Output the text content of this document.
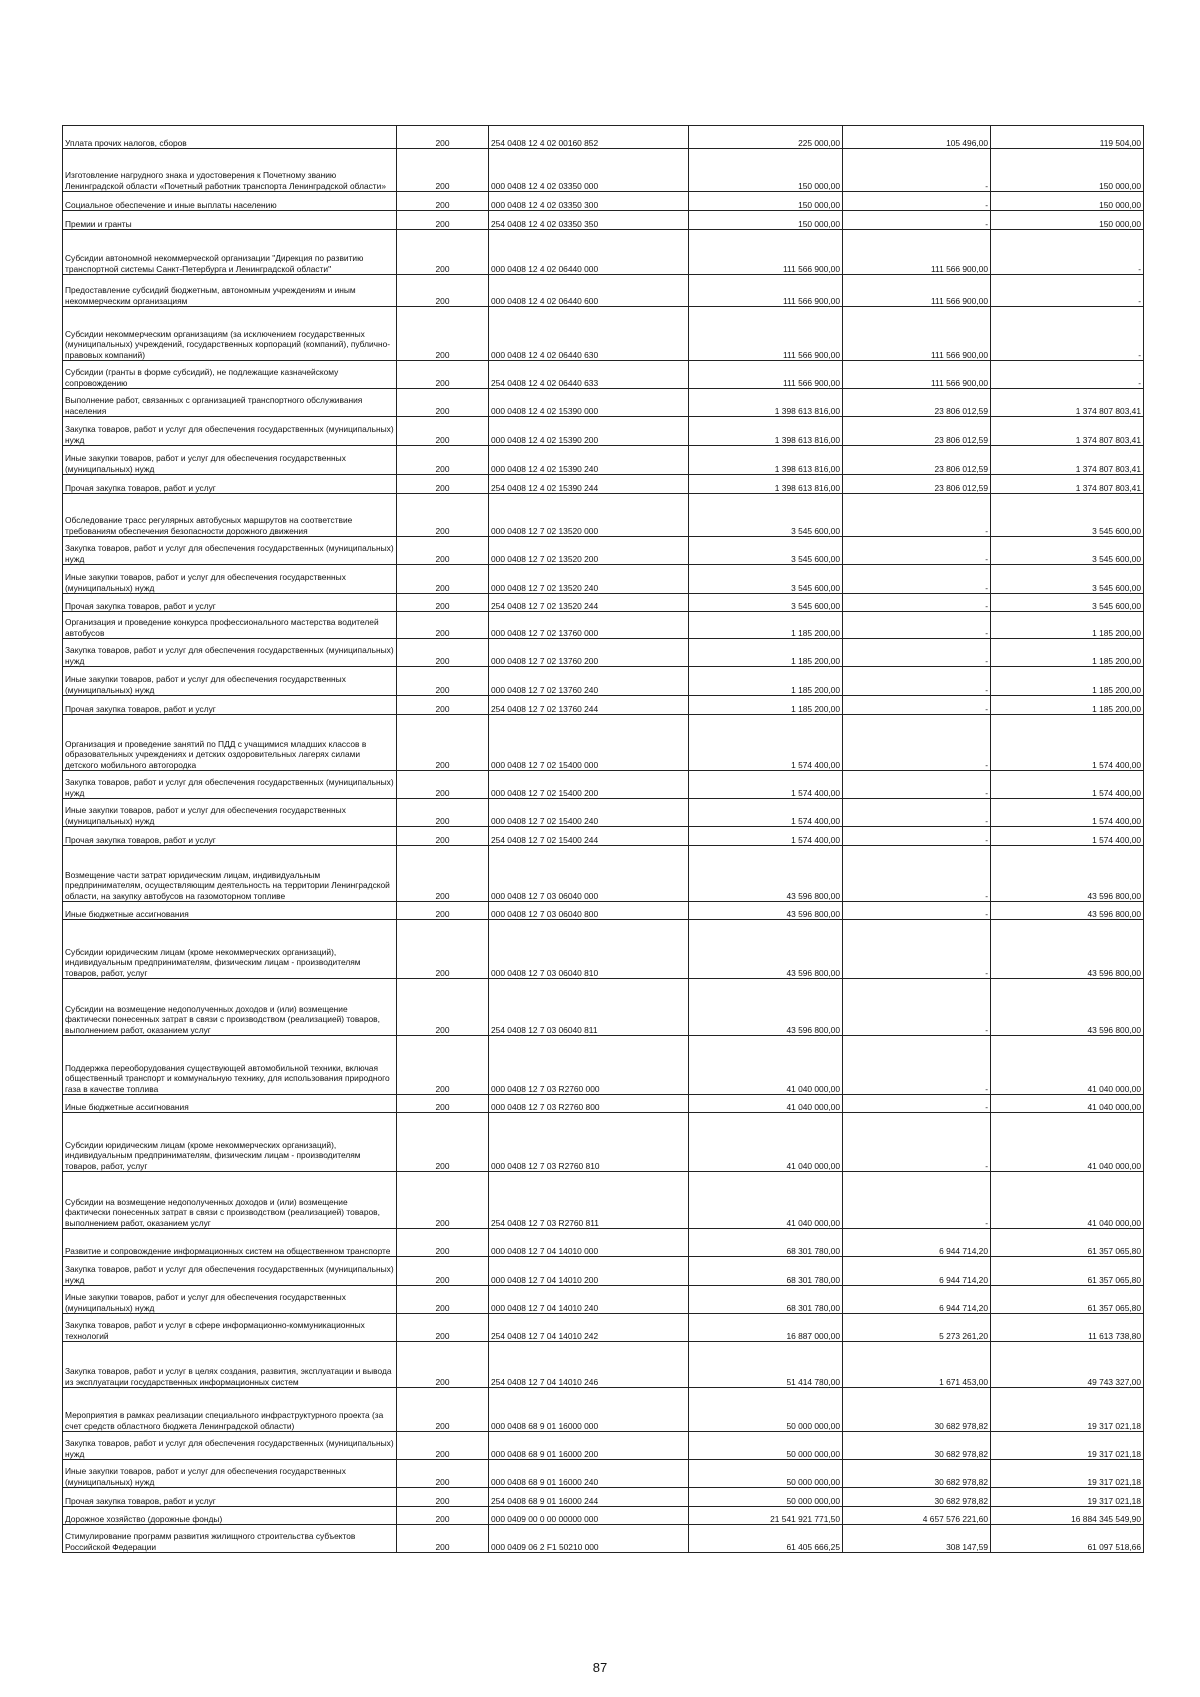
Уплата прочих налогов, сборов	200	254 0408 12 4 02 00160 852	225 000,00	105 496,00	119 504,00
Изготовление нагрудного знака и удостоверения к Почетному званию Ленинградской области «Почетный работник транспорта Ленинградской области»	200	000 0408 12 4 02 03350 000	150 000,00	-	150 000,00
Социальное обеспечение и иные выплаты населению	200	000 0408 12 4 02 03350 300	150 000,00	-	150 000,00
Премии и гранты	200	254 0408 12 4 02 03350 350	150 000,00	-	150 000,00
Субсидии автономной некоммерческой организации "Дирекция по развитию транспортной системы Санкт-Петербурга и Ленинградской области"	200	000 0408 12 4 02 06440 000	111 566 900,00	111 566 900,00	-
Предоставление субсидий бюджетным, автономным учреждениям и иным некоммерческим организациям	200	000 0408 12 4 02 06440 600	111 566 900,00	111 566 900,00	-
Субсидии некоммерческим организациям (за исключением государственных (муниципальных) учреждений, государственных корпораций (компаний), публично-правовых компаний)	200	000 0408 12 4 02 06440 630	111 566 900,00	111 566 900,00	-
Субсидии (гранты в форме субсидий), не подлежащие казначейскому сопровождению	200	254 0408 12 4 02 06440 633	111 566 900,00	111 566 900,00	-
Выполнение работ, связанных с организацией транспортного обслуживания населения	200	000 0408 12 4 02 15390 000	1 398 613 816,00	23 806 012,59	1 374 807 803,41
Закупка товаров, работ и услуг для обеспечения государственных (муниципальных) нужд	200	000 0408 12 4 02 15390 200	1 398 613 816,00	23 806 012,59	1 374 807 803,41
Иные закупки товаров, работ и услуг для обеспечения государственных (муниципальных) нужд	200	000 0408 12 4 02 15390 240	1 398 613 816,00	23 806 012,59	1 374 807 803,41
Прочая закупка товаров, работ и услуг	200	254 0408 12 4 02 15390 244	1 398 613 816,00	23 806 012,59	1 374 807 803,41
Обследование трасс регулярных автобусных маршрутов на соответствие требованиям обеспечения безопасности дорожного движения	200	000 0408 12 7 02 13520 000	3 545 600,00	-	3 545 600,00
Закупка товаров, работ и услуг для обеспечения государственных (муниципальных) нужд	200	000 0408 12 7 02 13520 200	3 545 600,00	-	3 545 600,00
Иные закупки товаров, работ и услуг для обеспечения государственных (муниципальных) нужд	200	000 0408 12 7 02 13520 240	3 545 600,00	-	3 545 600,00
Прочая закупка товаров, работ и услуг	200	254 0408 12 7 02 13520 244	3 545 600,00	-	3 545 600,00
Организация и проведение конкурса профессионального мастерства водителей автобусов	200	000 0408 12 7 02 13760 000	1 185 200,00	-	1 185 200,00
Закупка товаров, работ и услуг для обеспечения государственных (муниципальных) нужд	200	000 0408 12 7 02 13760 200	1 185 200,00	-	1 185 200,00
Иные закупки товаров, работ и услуг для обеспечения государственных (муниципальных) нужд	200	000 0408 12 7 02 13760 240	1 185 200,00	-	1 185 200,00
Прочая закупка товаров, работ и услуг	200	254 0408 12 7 02 13760 244	1 185 200,00	-	1 185 200,00
Организация и проведение занятий по ПДД с учащимися младших классов в образовательных учреждениях и детских оздоровительных лагерях силами детского мобильного автогородка	200	000 0408 12 7 02 15400 000	1 574 400,00	-	1 574 400,00
Закупка товаров, работ и услуг для обеспечения государственных (муниципальных) нужд	200	000 0408 12 7 02 15400 200	1 574 400,00	-	1 574 400,00
Иные закупки товаров, работ и услуг для обеспечения государственных (муниципальных) нужд	200	000 0408 12 7 02 15400 240	1 574 400,00	-	1 574 400,00
Прочая закупка товаров, работ и услуг	200	254 0408 12 7 02 15400 244	1 574 400,00	-	1 574 400,00
Возмещение части затрат юридическим лицам, индивидуальным предпринимателям, осуществляющим деятельность на территории Ленинградской области, на закупку автобусов на газомоторном топливе	200	000 0408 12 7 03 06040 000	43 596 800,00	-	43 596 800,00
Иные бюджетные ассигнования	200	000 0408 12 7 03 06040 800	43 596 800,00	-	43 596 800,00
Субсидии юридическим лицам (кроме некоммерческих организаций), индивидуальным предпринимателям, физическим лицам - производителям товаров, работ, услуг	200	000 0408 12 7 03 06040 810	43 596 800,00	-	43 596 800,00
Субсидии на возмещение недополученных доходов и (или) возмещение фактически понесенных затрат в связи с производством (реализацией) товаров, выполнением работ, оказанием услуг	200	254 0408 12 7 03 06040 811	43 596 800,00	-	43 596 800,00
Поддержка переоборудования существующей автомобильной техники, включая общественный транспорт и коммунальную технику, для использования природного газа в качестве топлива	200	000 0408 12 7 03 R2760 000	41 040 000,00	-	41 040 000,00
Иные бюджетные ассигнования	200	000 0408 12 7 03 R2760 800	41 040 000,00	-	41 040 000,00
Субсидии юридическим лицам (кроме некоммерческих организаций), индивидуальным предпринимателям, физическим лицам - производителям товаров, работ, услуг	200	000 0408 12 7 03 R2760 810	41 040 000,00	-	41 040 000,00
Субсидии на возмещение недополученных доходов и (или) возмещение фактически понесенных затрат в связи с производством (реализацией) товаров, выполнением работ, оказанием услуг	200	254 0408 12 7 03 R2760 811	41 040 000,00	-	41 040 000,00
Развитие и сопровождение информационных систем на общественном транспорте	200	000 0408 12 7 04 14010 000	68 301 780,00	6 944 714,20	61 357 065,80
Закупка товаров, работ и услуг для обеспечения государственных (муниципальных) нужд	200	000 0408 12 7 04 14010 200	68 301 780,00	6 944 714,20	61 357 065,80
Иные закупки товаров, работ и услуг для обеспечения государственных (муниципальных) нужд	200	000 0408 12 7 04 14010 240	68 301 780,00	6 944 714,20	61 357 065,80
Закупка товаров, работ и услуг в сфере информационно-коммуникационных технологий	200	254 0408 12 7 04 14010 242	16 887 000,00	5 273 261,20	11 613 738,80
Закупка товаров, работ и услуг в целях создания, развития, эксплуатации и вывода из эксплуатации государственных информационных систем	200	254 0408 12 7 04 14010 246	51 414 780,00	1 671 453,00	49 743 327,00
Мероприятия в рамках реализации специального инфраструктурного проекта (за счет средств областного бюджета Ленинградской области)	200	000 0408 68 9 01 16000 000	50 000 000,00	30 682 978,82	19 317 021,18
Закупка товаров, работ и услуг для обеспечения государственных (муниципальных) нужд	200	000 0408 68 9 01 16000 200	50 000 000,00	30 682 978,82	19 317 021,18
Иные закупки товаров, работ и услуг для обеспечения государственных (муниципальных) нужд	200	000 0408 68 9 01 16000 240	50 000 000,00	30 682 978,82	19 317 021,18
Прочая закупка товаров, работ и услуг	200	254 0408 68 9 01 16000 244	50 000 000,00	30 682 978,82	19 317 021,18
Дорожное хозяйство (дорожные фонды)	200	000 0409 00 0 00 00000 000	21 541 921 771,50	4 657 576 221,60	16 884 345 549,90
Стимулирование программ развития жилищного строительства субъектов Российской Федерации	200	000 0409 06 2 F1 50210 000	61 405 666,25	308 147,59	61 097 518,66
87
